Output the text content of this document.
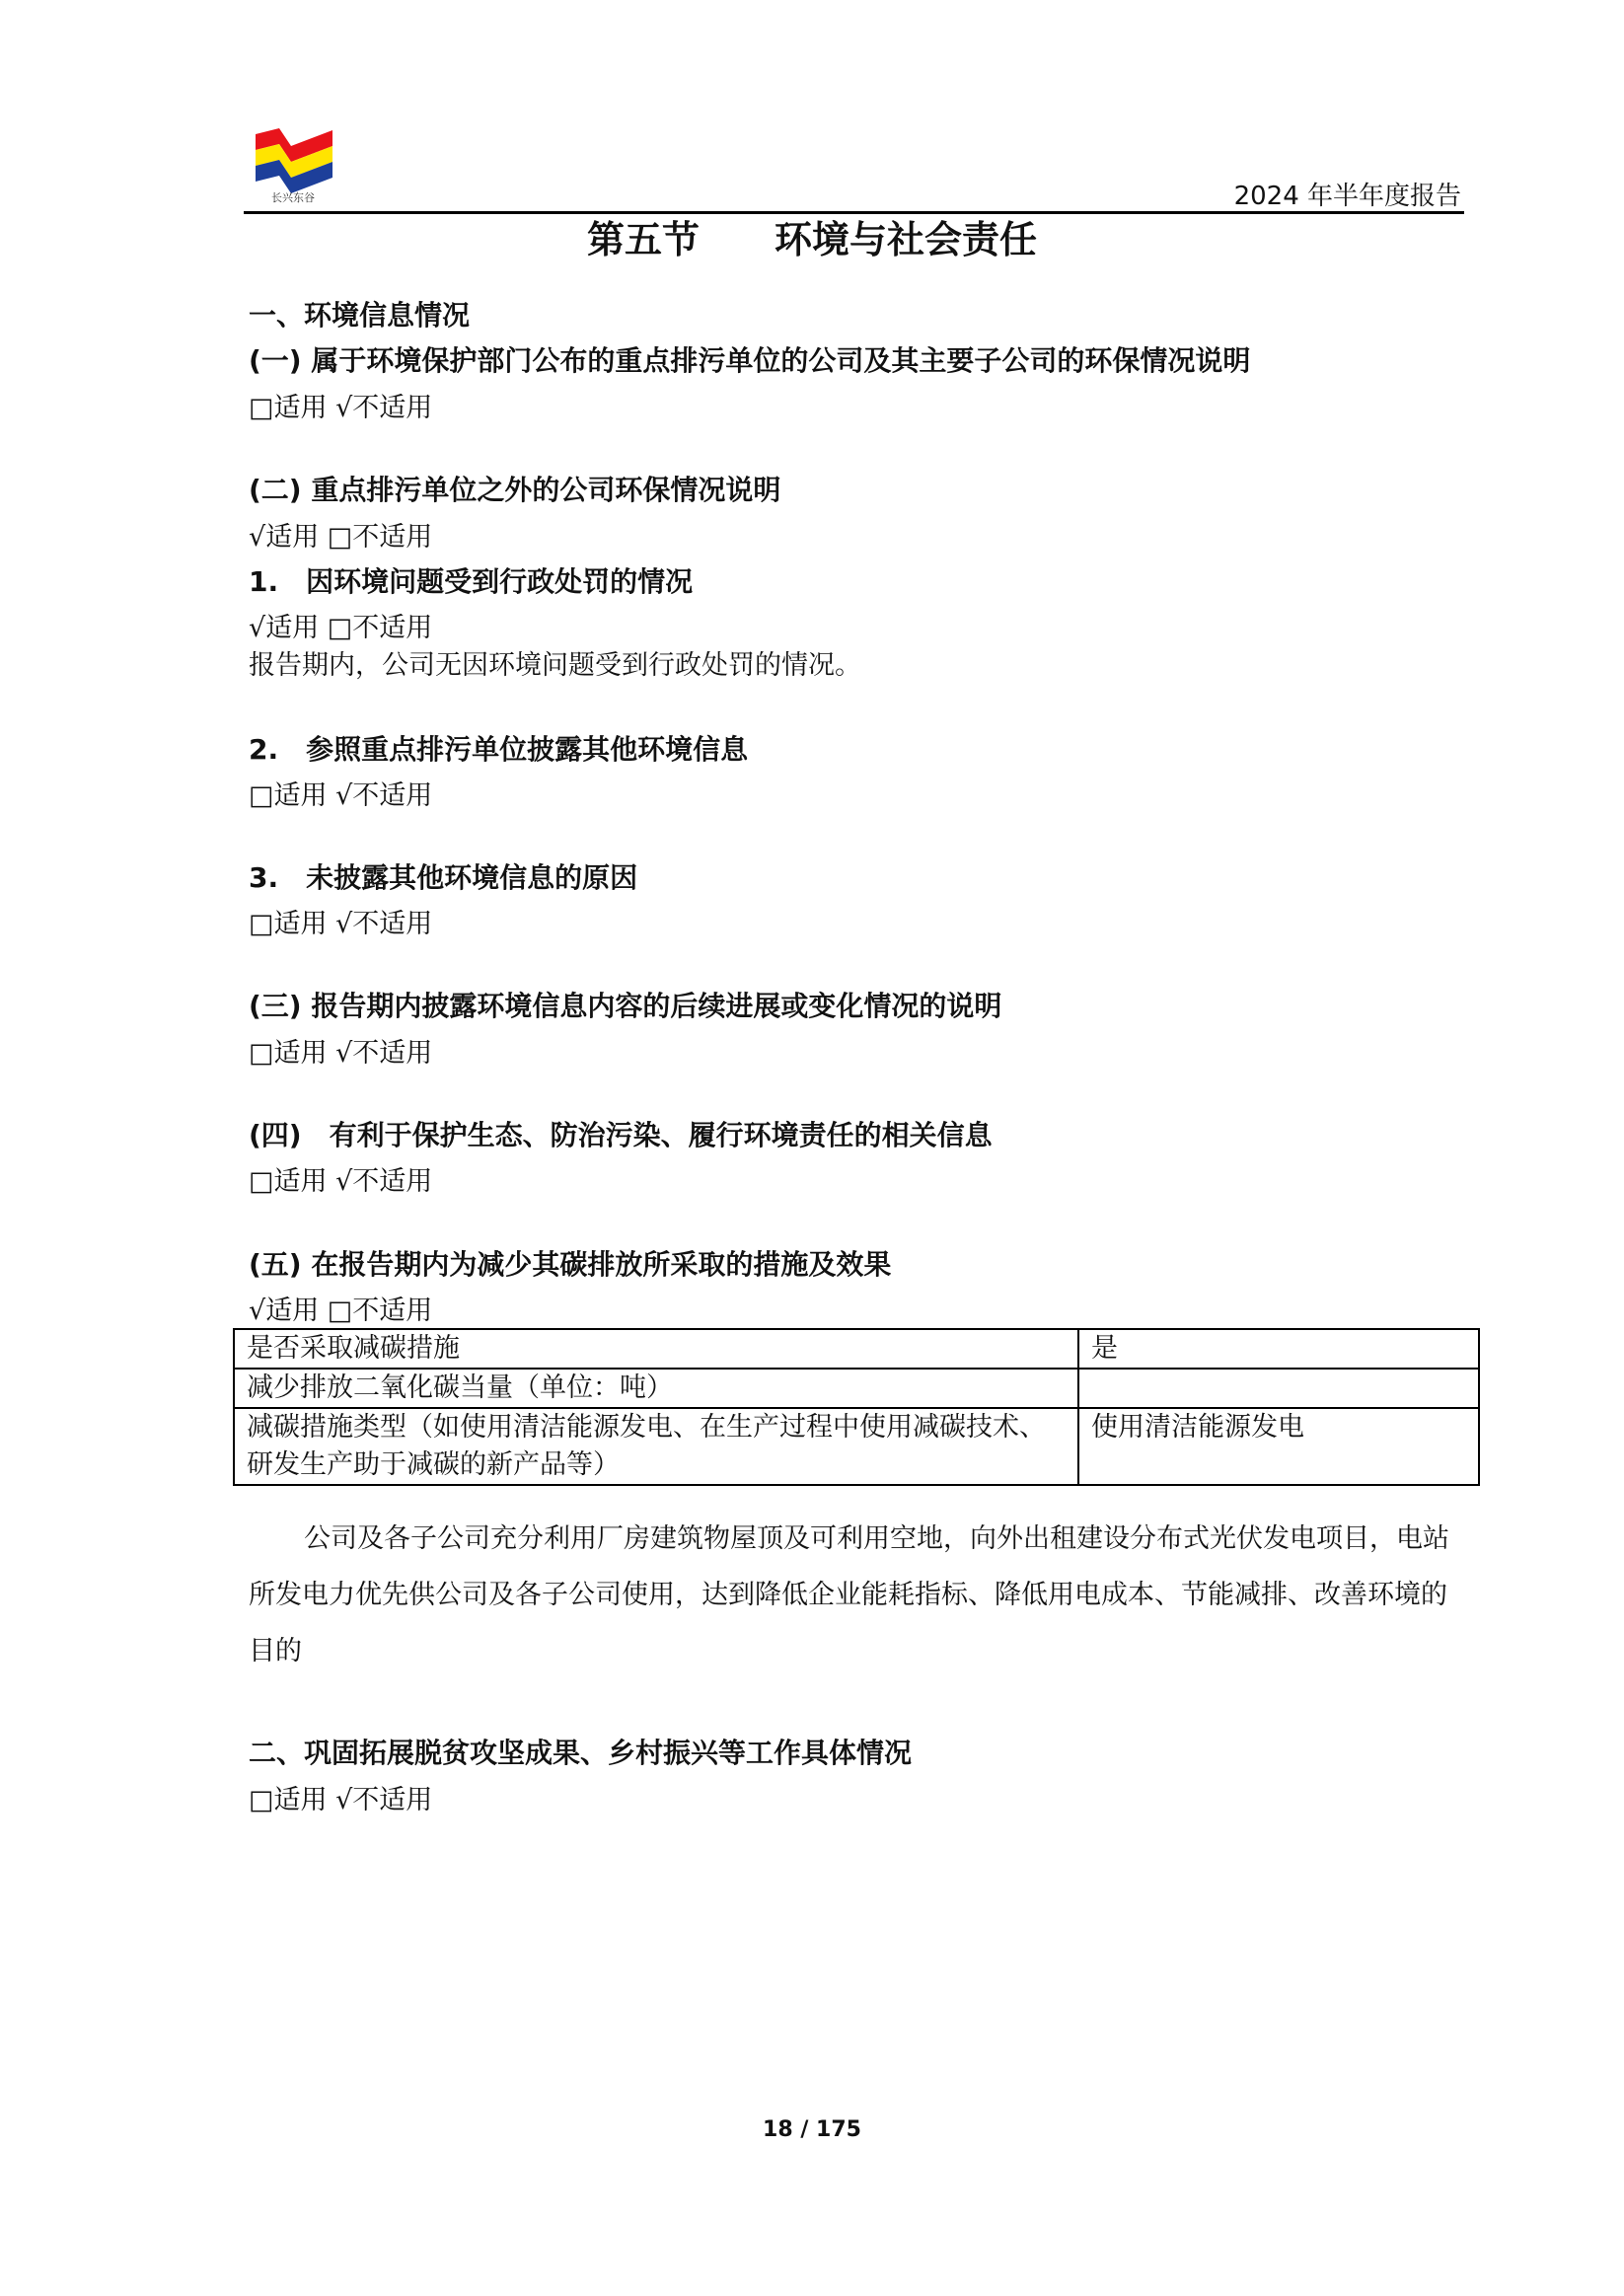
长兴东谷	2024 年半年度报告
第五节　　环境与社会责任
一、环境信息情况
(一) 属于环境保护部门公布的重点排污单位的公司及其主要子公司的环保情况说明
□适用 √不适用
(二) 重点排污单位之外的公司环保情况说明
√适用 □不适用
1.　因环境问题受到行政处罚的情况
√适用 □不适用
报告期内，公司无因环境问题受到行政处罚的情况。
2.　参照重点排污单位披露其他环境信息
□适用 √不适用
3.　未披露其他环境信息的原因
□适用 √不适用
(三) 报告期内披露环境信息内容的后续进展或变化情况的说明
□适用 √不适用
(四)　有利于保护生态、防治污染、履行环境责任的相关信息
□适用 √不适用
(五) 在报告期内为减少其碳排放所采取的措施及效果
√适用 □不适用
是否采取减碳措施	是
减少排放二氧化碳当量（单位：吨）	
减碳措施类型（如使用清洁能源发电、在生产过程中使用减碳技术、研发生产助于减碳的新产品等）	使用清洁能源发电
公司及各子公司充分利用厂房建筑物屋顶及可利用空地，向外出租建设分布式光伏发电项目，电站所发电力优先供公司及各子公司使用，达到降低企业能耗指标、降低用电成本、节能减排、改善环境的目的
二、巩固拓展脱贫攻坚成果、乡村振兴等工作具体情况
□适用 √不适用
18 / 175
